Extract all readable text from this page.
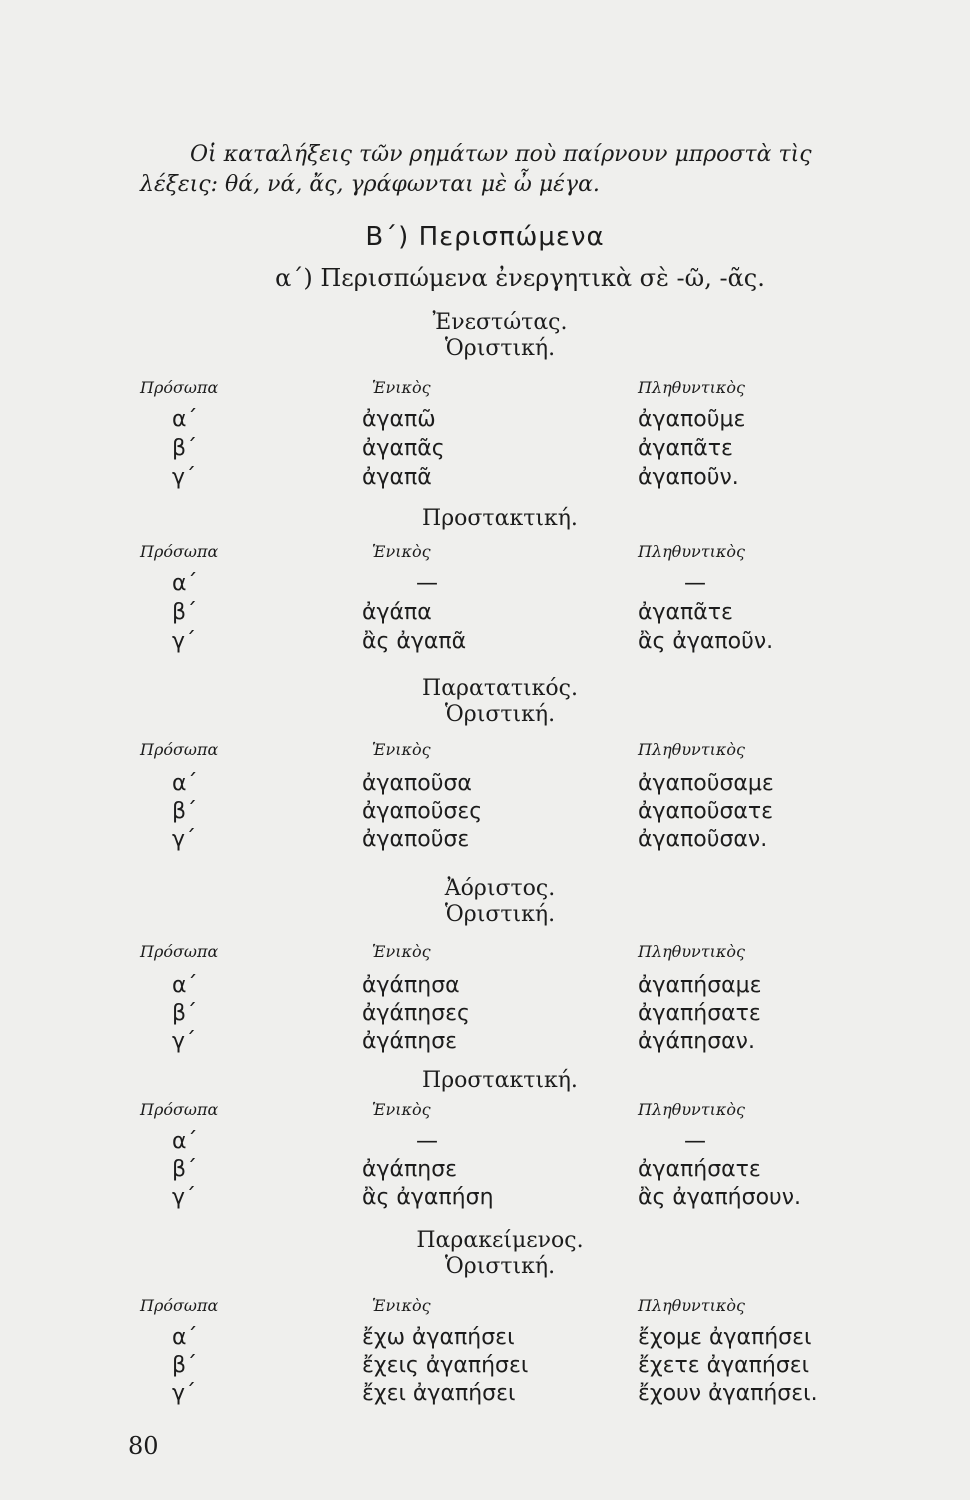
Οἱ καταλήξεις τῶν ρημάτων ποὺ παίρνουν μπροστὰ τὶς λέξεις: θά, νά, ἄς, γράφωνται μὲ ὦ μέγα.

Β΄) Περισπώμενα
α΄) Περισπώμενα ἐνεργητικὰ σὲ -ῶ, -ᾶς.
Ἐνεστώτας.
Ὁριστική.
Πρόσωπα	Ἑνικὸς	Πληθυντικὸς
α΄	ἀγαπῶ	ἀγαποῦμε
β΄	ἀγαπᾶς	ἀγαπᾶτε
γ΄	ἀγαπᾶ	ἀγαποῦν.
Προστακτική.
Πρόσωπα	Ἑνικὸς	Πληθυντικὸς
α΄	—	—
β΄	ἀγάπα	ἀγαπᾶτε
γ΄	ἂς ἀγαπᾶ	ἂς ἀγαποῦν.
Παρατατικός.
Ὁριστική.
Πρόσωπα	Ἑνικὸς	Πληθυντικὸς
α΄	ἀγαποῦσα	ἀγαποῦσαμε
β΄	ἀγαποῦσες	ἀγαποῦσατε
γ΄	ἀγαποῦσε	ἀγαποῦσαν.
Ἀόριστος.
Ὁριστική.
Πρόσωπα	Ἑνικὸς	Πληθυντικὸς
α΄	ἀγάπησα	ἀγαπήσαμε
β΄	ἀγάπησες	ἀγαπήσατε
γ΄	ἀγάπησε	ἀγάπησαν.
Προστακτική.
Πρόσωπα	Ἑνικὸς	Πληθυντικὸς
α΄	—	—
β΄	ἀγάπησε	ἀγαπήσατε
γ΄	ἂς ἀγαπήση	ἂς ἀγαπήσουν.
Παρακείμενος.
Ὁριστική.
Πρόσωπα	Ἑνικὸς	Πληθυντικὸς
α΄	ἔχω ἀγαπήσει	ἔχομε ἀγαπήσει
β΄	ἔχεις ἀγαπήσει	ἔχετε ἀγαπήσει
γ΄	ἔχει ἀγαπήσει	ἔχουν ἀγαπήσει.
80
